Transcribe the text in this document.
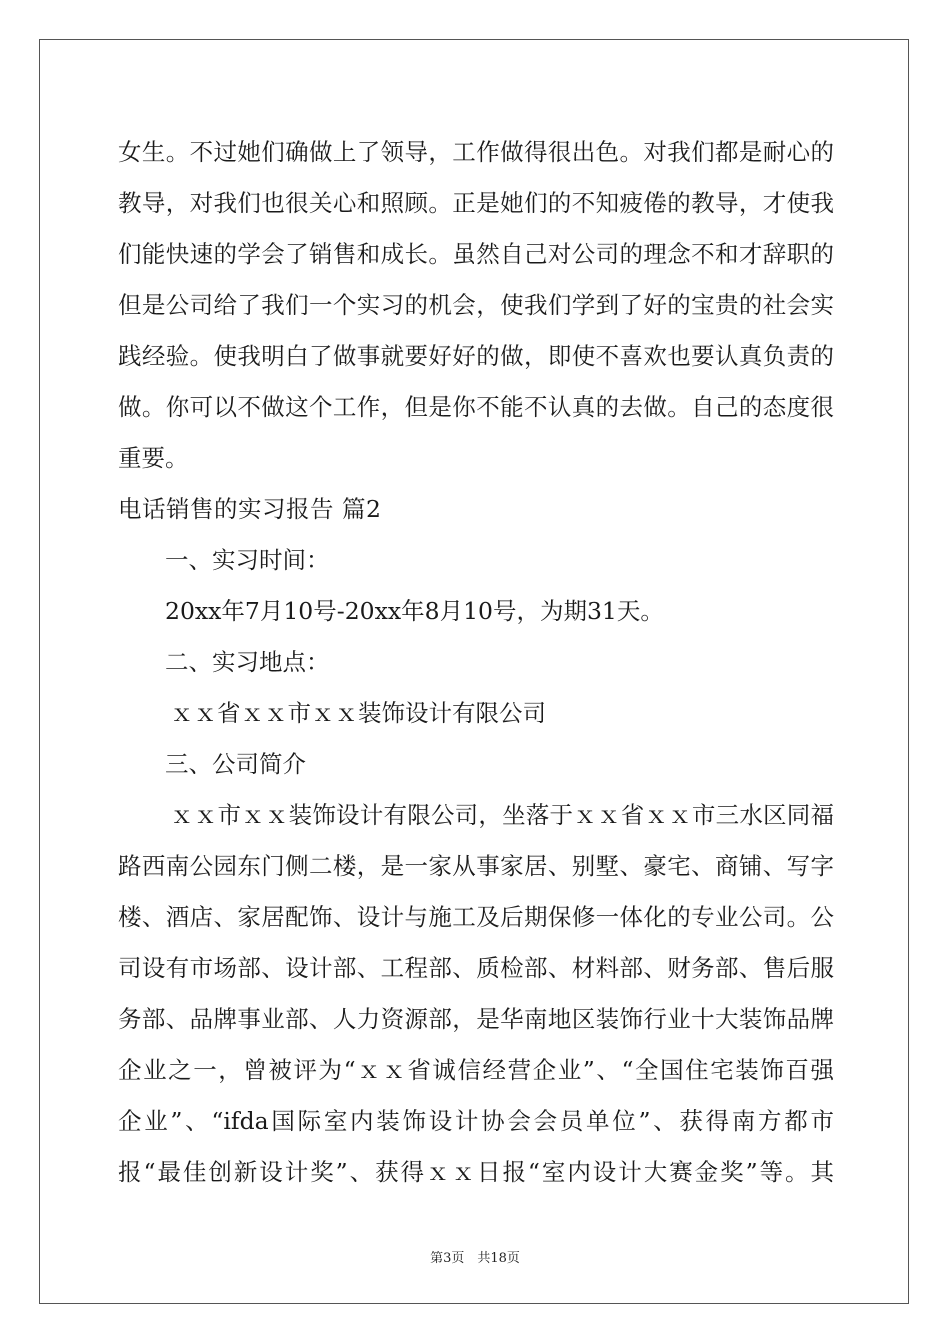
女生。不过她们确做上了领导，工作做得很出色。对我们都是耐心的
教导，对我们也很关心和照顾。正是她们的不知疲倦的教导，才使我
们能快速的学会了销售和成长。虽然自己对公司的理念不和才辞职的
但是公司给了我们一个实习的机会，使我们学到了好的宝贵的社会实
践经验。使我明白了做事就要好好的做，即使不喜欢也要认真负责的
做。你可以不做这个工作，但是你不能不认真的去做。自己的态度很
重要。
电话销售的实习报告 篇2
一、实习时间：
20xx年7月10号-20xx年8月10号，为期31天。
二、实习地点：
ｘｘ省ｘｘ市ｘｘ装饰设计有限公司
三、公司简介
ｘｘ市ｘｘ装饰设计有限公司，坐落于ｘｘ省ｘｘ市三水区同福
路西南公园东门侧二楼，是一家从事家居、别墅、豪宅、商铺、写字
楼、酒店、家居配饰、设计与施工及后期保修一体化的专业公司。公
司设有市场部、设计部、工程部、质检部、材料部、财务部、售后服
务部、品牌事业部、人力资源部，是华南地区装饰行业十大装饰品牌
企业之一，曾被评为“ｘｘ省诚信经营企业”、“全国住宅装饰百强
企业”、“ifda国际室内装饰设计协会会员单位”、获得南方都市
报“最佳创新设计奖”、获得ｘｘ日报“室内设计大赛金奖”等。其
第3页　共18页
